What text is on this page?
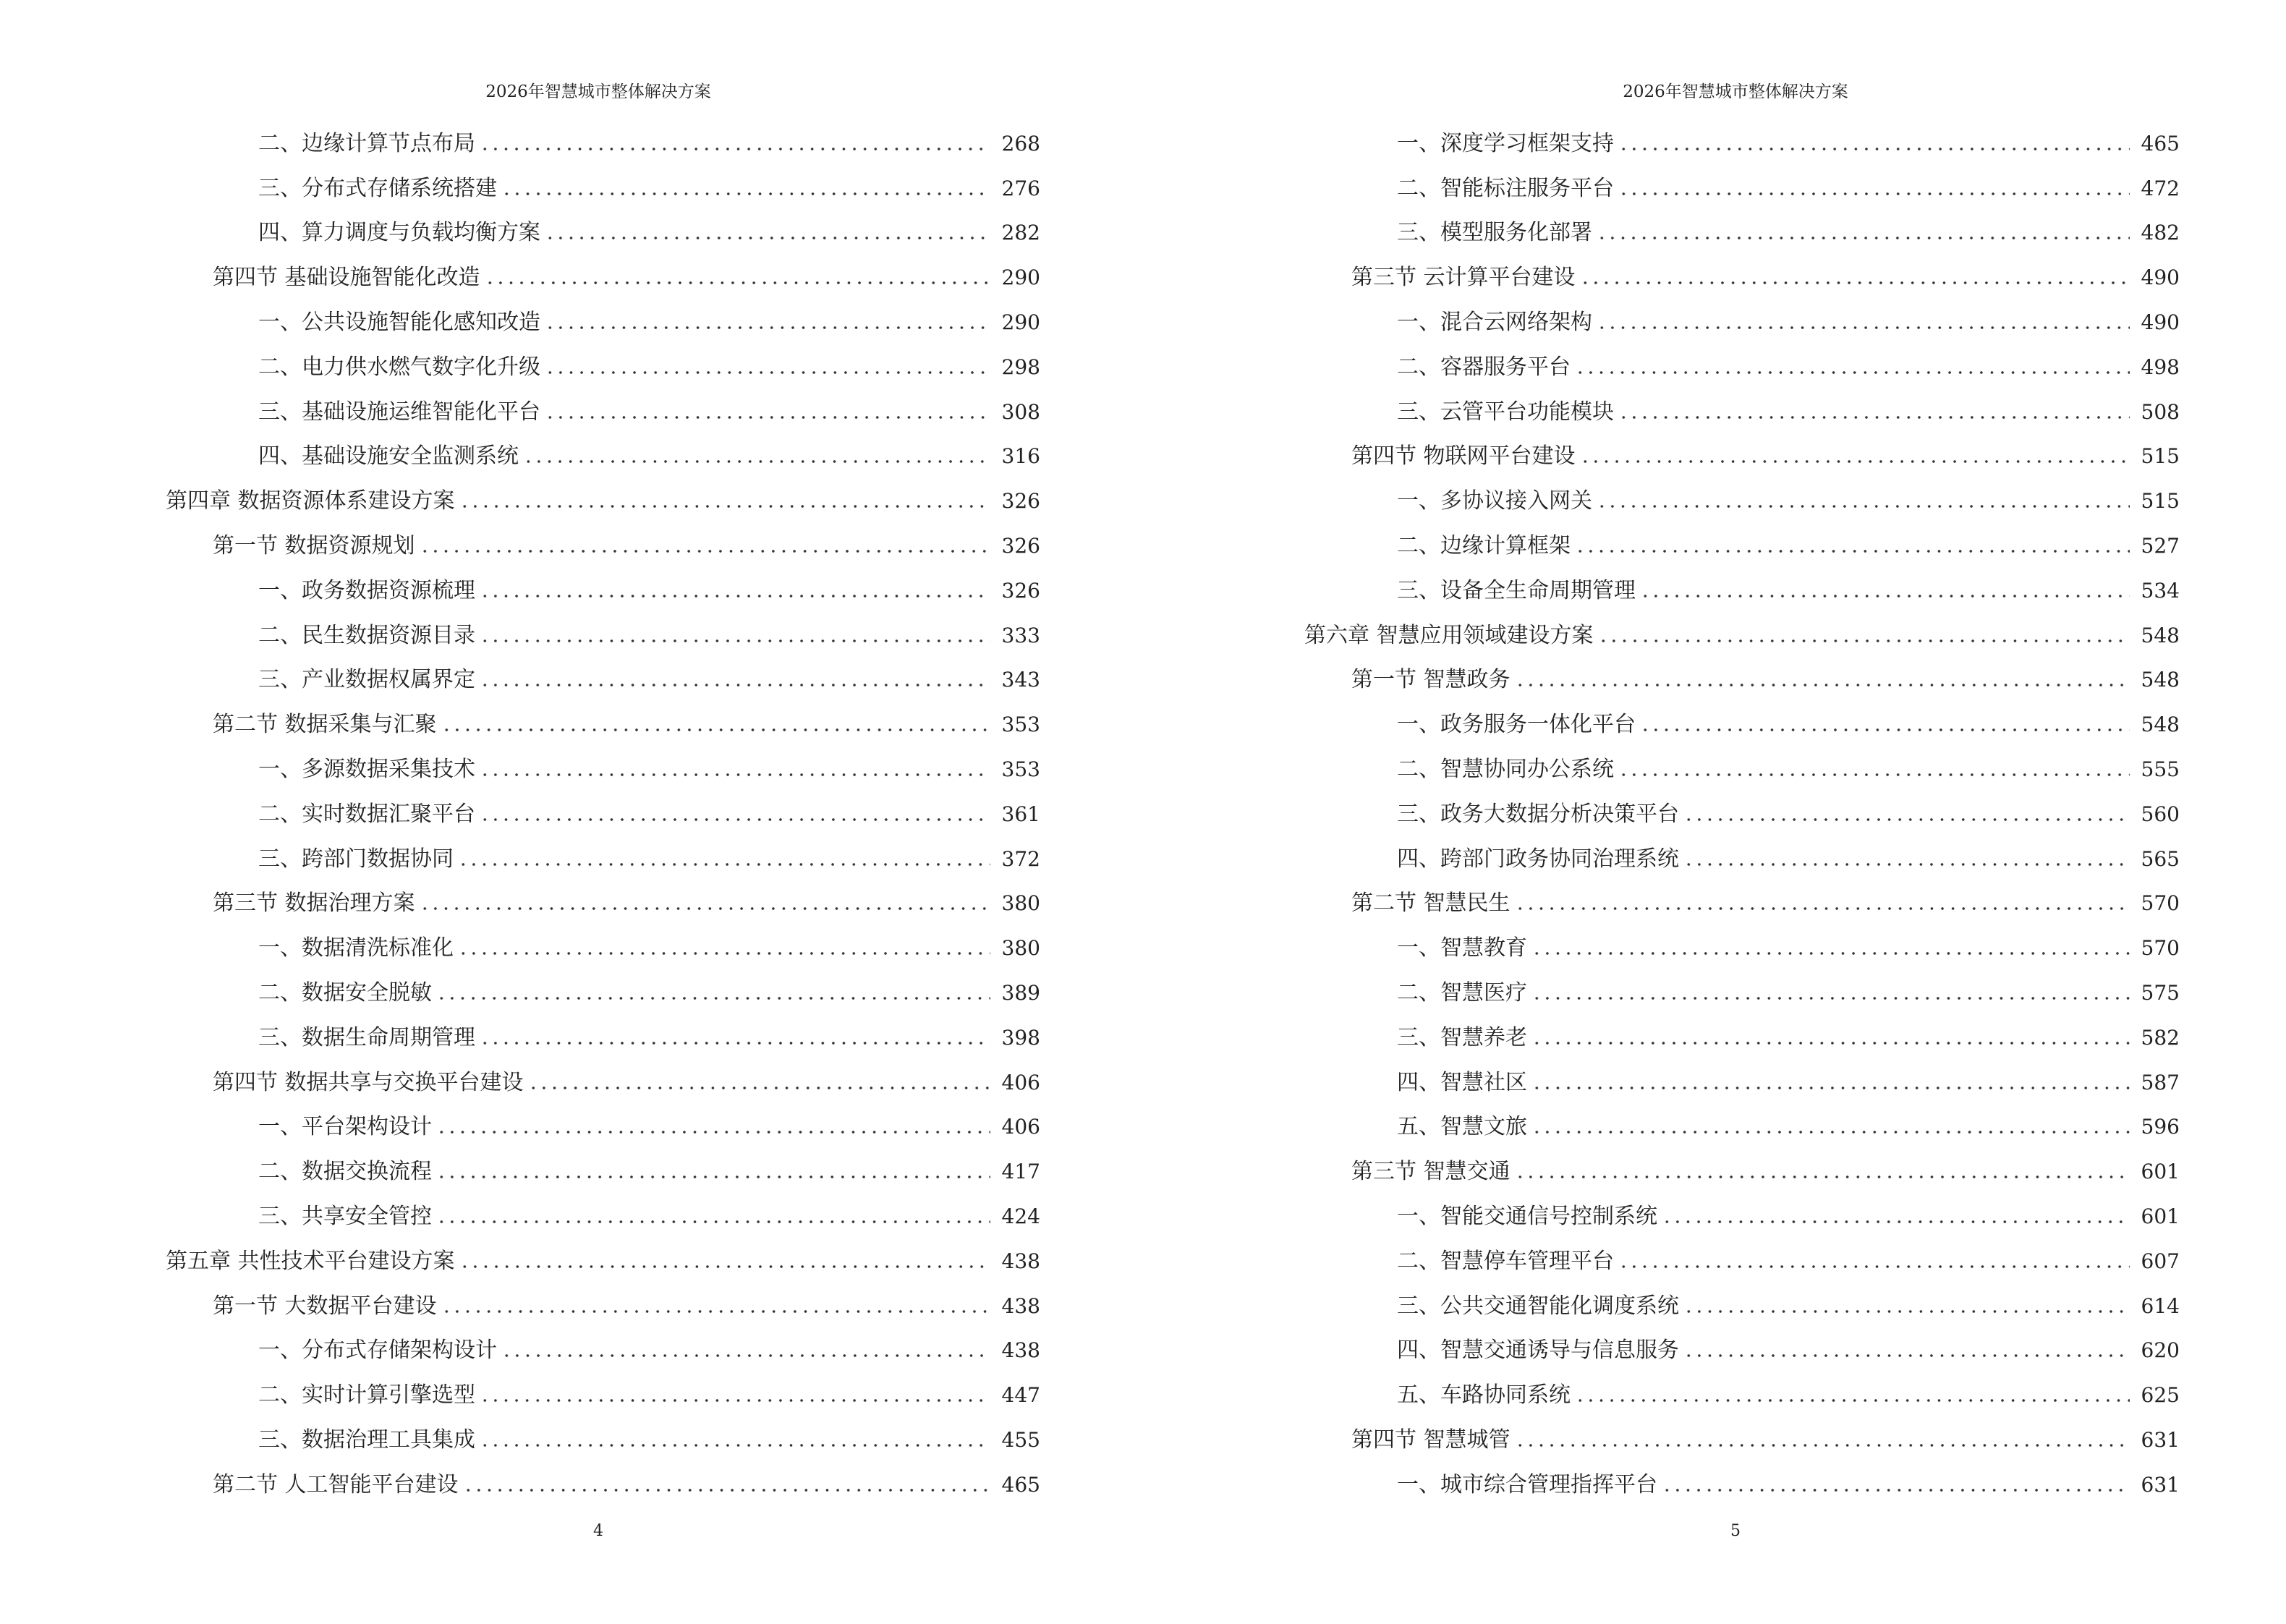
2026年智慧城市整体解决方案
二、边缘计算节点布局	268
三、分布式存储系统搭建	276
四、算力调度与负载均衡方案	282
第四节 基础设施智能化改造	290
一、公共设施智能化感知改造	290
二、电力供水燃气数字化升级	298
三、基础设施运维智能化平台	308
四、基础设施安全监测系统	316
第四章 数据资源体系建设方案	326
第一节 数据资源规划	326
一、政务数据资源梳理	326
二、民生数据资源目录	333
三、产业数据权属界定	343
第二节 数据采集与汇聚	353
一、多源数据采集技术	353
二、实时数据汇聚平台	361
三、跨部门数据协同	372
第三节 数据治理方案	380
一、数据清洗标准化	380
二、数据安全脱敏	389
三、数据生命周期管理	398
第四节 数据共享与交换平台建设	406
一、平台架构设计	406
二、数据交换流程	417
三、共享安全管控	424
第五章 共性技术平台建设方案	438
第一节 大数据平台建设	438
一、分布式存储架构设计	438
二、实时计算引擎选型	447
三、数据治理工具集成	455
第二节 人工智能平台建设	465
4
2026年智慧城市整体解决方案
一、深度学习框架支持	465
二、智能标注服务平台	472
三、模型服务化部署	482
第三节 云计算平台建设	490
一、混合云网络架构	490
二、容器服务平台	498
三、云管平台功能模块	508
第四节 物联网平台建设	515
一、多协议接入网关	515
二、边缘计算框架	527
三、设备全生命周期管理	534
第六章 智慧应用领域建设方案	548
第一节 智慧政务	548
一、政务服务一体化平台	548
二、智慧协同办公系统	555
三、政务大数据分析决策平台	560
四、跨部门政务协同治理系统	565
第二节 智慧民生	570
一、智慧教育	570
二、智慧医疗	575
三、智慧养老	582
四、智慧社区	587
五、智慧文旅	596
第三节 智慧交通	601
一、智能交通信号控制系统	601
二、智慧停车管理平台	607
三、公共交通智能化调度系统	614
四、智慧交通诱导与信息服务	620
五、车路协同系统	625
第四节 智慧城管	631
一、城市综合管理指挥平台	631
5
